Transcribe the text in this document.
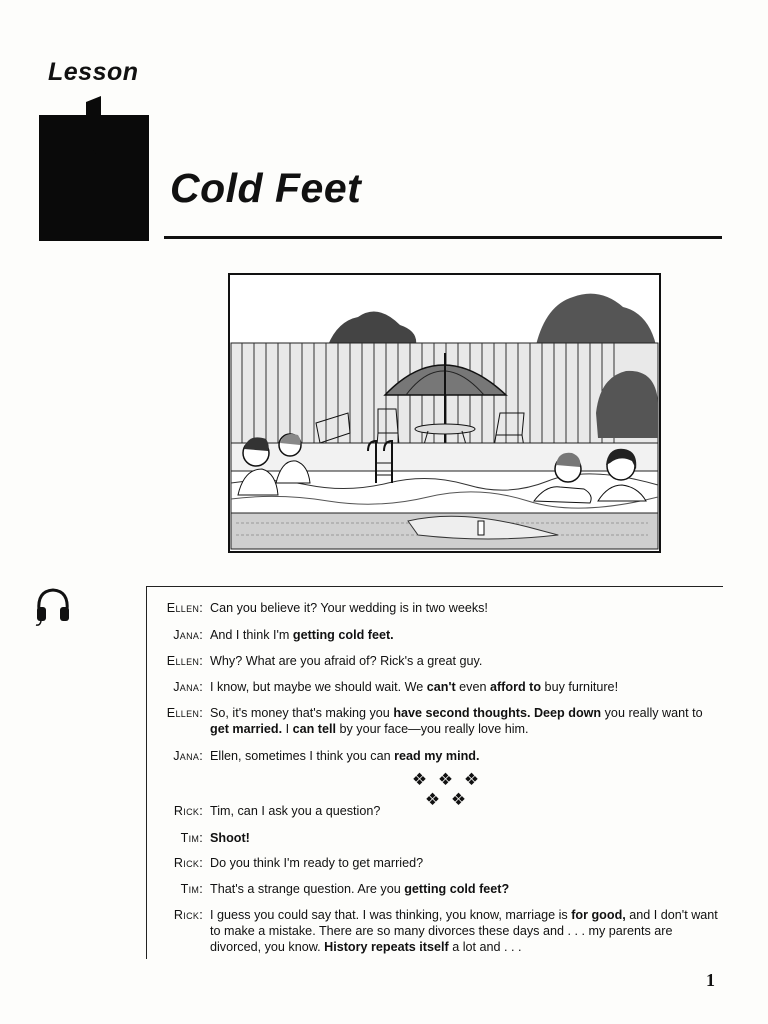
Lesson
1
Cold Feet
Ellen: Can you believe it? Your wedding is in two weeks!
Jana: And I think I'm getting cold feet.
Ellen: Why? What are you afraid of? Rick's a great guy.
Jana: I know, but maybe we should wait. We can't even afford to buy furniture!
Ellen: So, it's money that's making you have second thoughts. Deep down you really want to get married. I can tell by your face—you really love him.
Jana: Ellen, sometimes I think you can read my mind.
❖ ❖ ❖ ❖ ❖
Rick: Tim, can I ask you a question?
Tim: Shoot!
Rick: Do you think I'm ready to get married?
Tim: That's a strange question. Are you getting cold feet?
Rick: I guess you could say that. I was thinking, you know, marriage is for good, and I don't want to make a mistake. There are so many divorces these days and . . . my parents are divorced, you know. History repeats itself a lot and . . .
1
